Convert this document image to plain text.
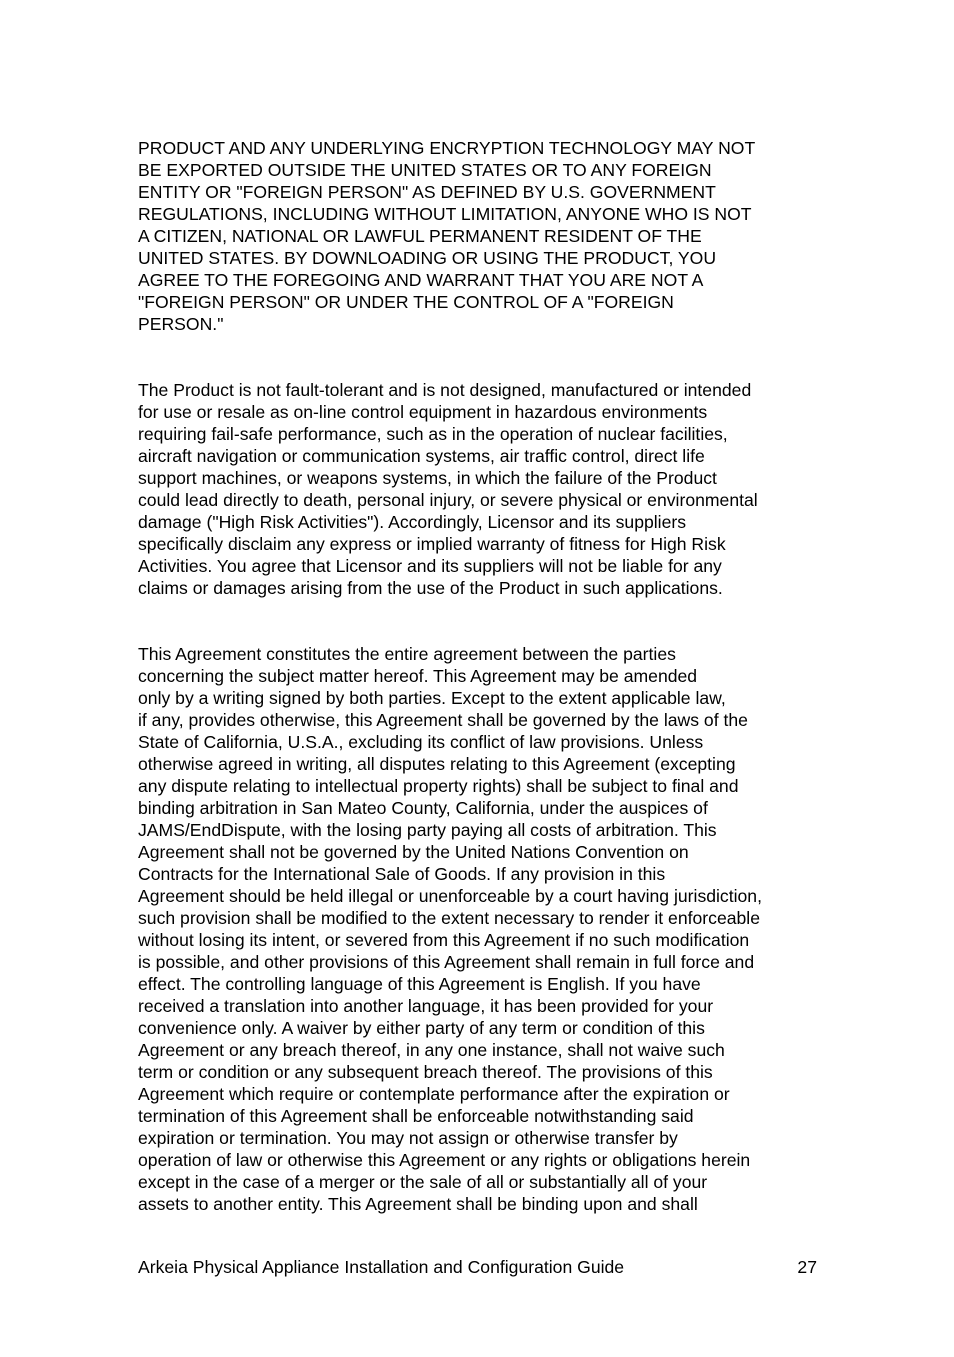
PRODUCT AND ANY UNDERLYING ENCRYPTION TECHNOLOGY MAY NOT
BE EXPORTED OUTSIDE THE UNITED STATES OR TO ANY FOREIGN
ENTITY OR "FOREIGN PERSON" AS DEFINED BY U.S. GOVERNMENT
REGULATIONS, INCLUDING WITHOUT LIMITATION, ANYONE WHO IS NOT
A CITIZEN, NATIONAL OR LAWFUL PERMANENT RESIDENT OF THE
UNITED STATES. BY DOWNLOADING OR USING THE PRODUCT, YOU
AGREE TO THE FOREGOING AND WARRANT THAT YOU ARE NOT A
"FOREIGN PERSON" OR UNDER THE CONTROL OF A "FOREIGN
PERSON."

The Product is not fault-tolerant and is not designed, manufactured or intended
for use or resale as on-line control equipment in hazardous environments
requiring fail-safe performance, such as in the operation of nuclear facilities,
aircraft navigation or communication systems, air traffic control, direct life
support machines, or weapons systems, in which the failure of the Product
could lead directly to death, personal injury, or severe physical or environmental
damage ("High Risk Activities"). Accordingly, Licensor and its suppliers
specifically disclaim any express or implied warranty of fitness for High Risk
Activities. You agree that Licensor and its suppliers will not be liable for any
claims or damages arising from the use of the Product in such applications.

This Agreement constitutes the entire agreement between the parties
concerning the subject matter hereof. This Agreement may be amended
only by a writing signed by both parties. Except to the extent applicable law,
if any, provides otherwise, this Agreement shall be governed by the laws of the
State of California, U.S.A., excluding its conflict of law provisions. Unless
otherwise agreed in writing, all disputes relating to this Agreement (excepting
any dispute relating to intellectual property rights) shall be subject to final and
binding arbitration in San Mateo County, California, under the auspices of
JAMS/EndDispute, with the losing party paying all costs of arbitration. This
Agreement shall not be governed by the United Nations Convention on
Contracts for the International Sale of Goods. If any provision in this
Agreement should be held illegal or unenforceable by a court having jurisdiction,
such provision shall be modified to the extent necessary to render it enforceable
without losing its intent, or severed from this Agreement if no such modification
is possible, and other provisions of this Agreement shall remain in full force and
effect. The controlling language of this Agreement is English. If you have
received a translation into another language, it has been provided for your
convenience only. A waiver by either party of any term or condition of this
Agreement or any breach thereof, in any one instance, shall not waive such
term or condition or any subsequent breach thereof. The provisions of this
Agreement which require or contemplate performance after the expiration or
termination of this Agreement shall be enforceable notwithstanding said
expiration or termination. You may not assign or otherwise transfer by
operation of law or otherwise this Agreement or any rights or obligations herein
except in the case of a merger or the sale of all or substantially all of your
assets to another entity. This Agreement shall be binding upon and shall

Arkeia Physical Appliance Installation and Configuration Guide	27
